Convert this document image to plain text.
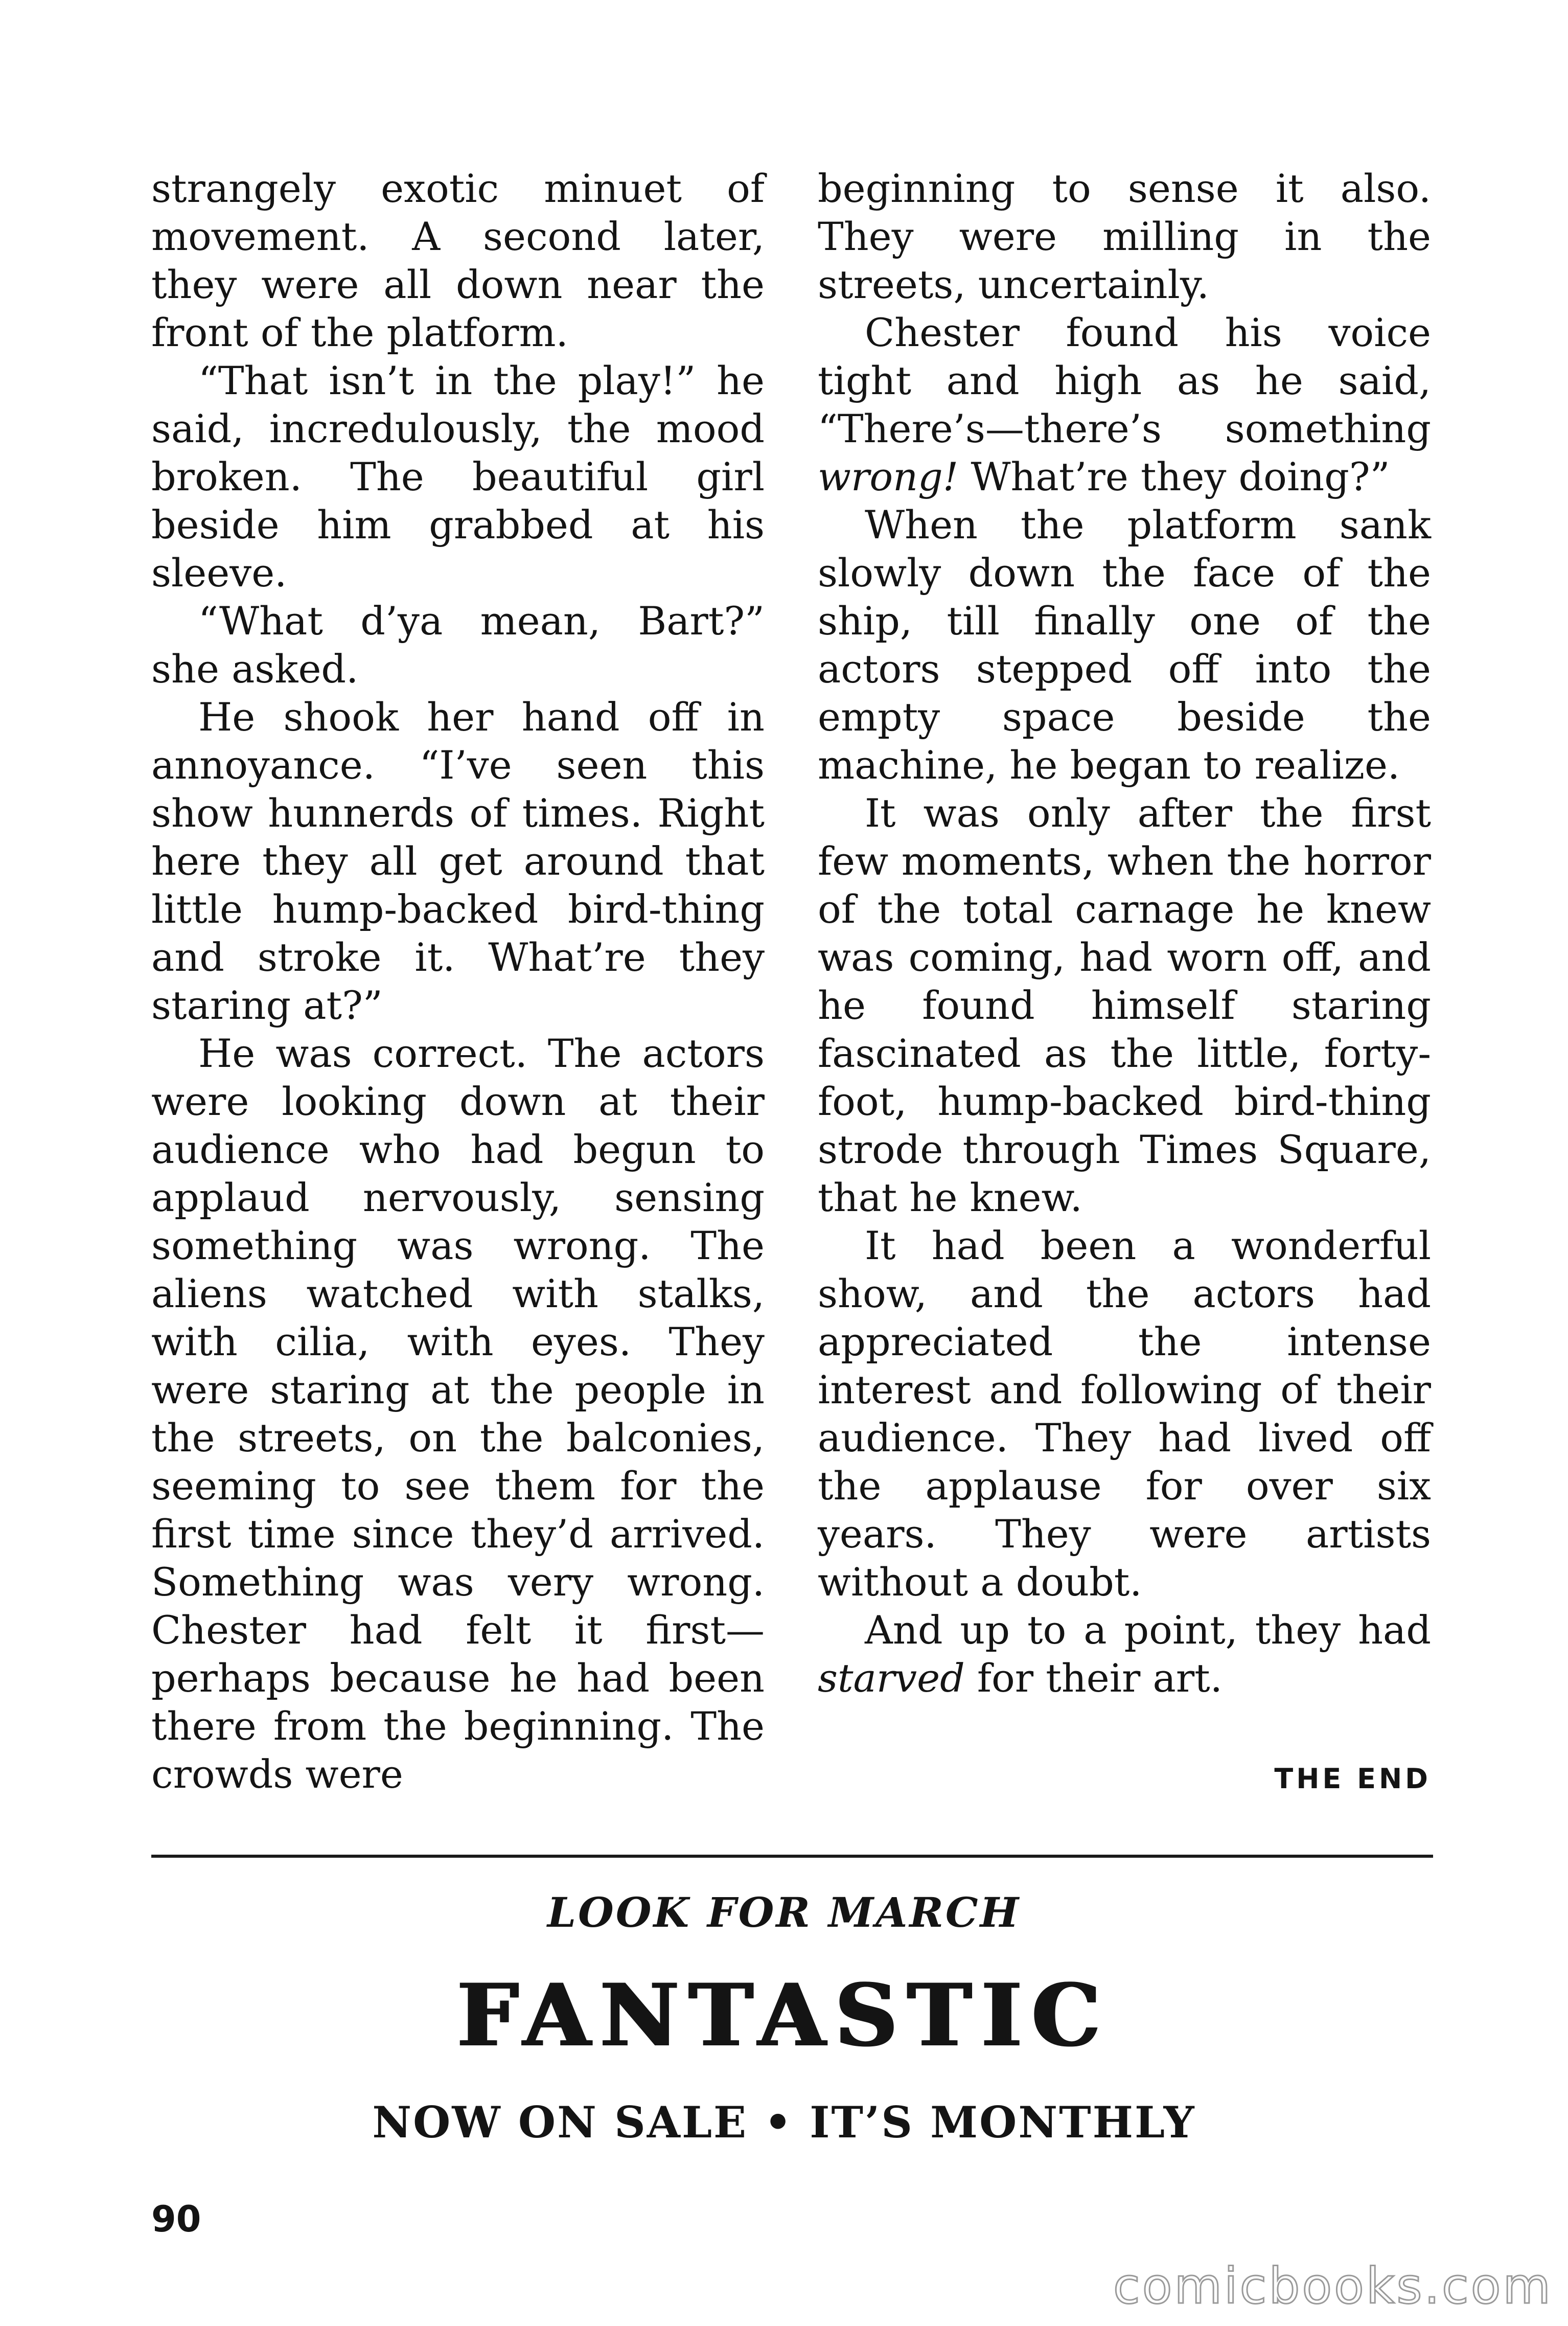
strangely exotic minuet of movement. A second later, they were all down near the front of the platform.

“That isn’t in the play!” he said, incredulously, the mood broken. The beautiful girl beside him grabbed at his sleeve.

“What d’ya mean, Bart?” she asked.

He shook her hand off in annoyance. “I’ve seen this show hunnerds of times. Right here they all get around that little hump-backed bird-thing and stroke it. What’re they staring at?”

He was correct. The actors were looking down at their audience who had begun to applaud nervously, sensing something was wrong. The aliens watched with stalks, with cilia, with eyes. They were staring at the people in the streets, on the balconies, seeming to see them for the first time since they’d arrived. Something was very wrong. Chester had felt it first—perhaps because he had been there from the beginning. The crowds were

beginning to sense it also. They were milling in the streets, uncertainly.

Chester found his voice tight and high as he said, “There’s—there’s something wrong! What’re they doing?”

When the platform sank slowly down the face of the ship, till finally one of the actors stepped off into the empty space beside the machine, he began to realize.

It was only after the first few moments, when the horror of the total carnage he knew was coming, had worn off, and he found himself staring fascinated as the little, forty-foot, hump-backed bird-thing strode through Times Square, that he knew.

It had been a wonderful show, and the actors had appreciated the intense interest and following of their audience. They had lived off the applause for over six years. They were artists without a doubt.

And up to a point, they had starved for their art.

THE END
LOOK FOR MARCH
FANTASTIC
NOW ON SALE • IT’S MONTHLY
90
comicbooks.com
